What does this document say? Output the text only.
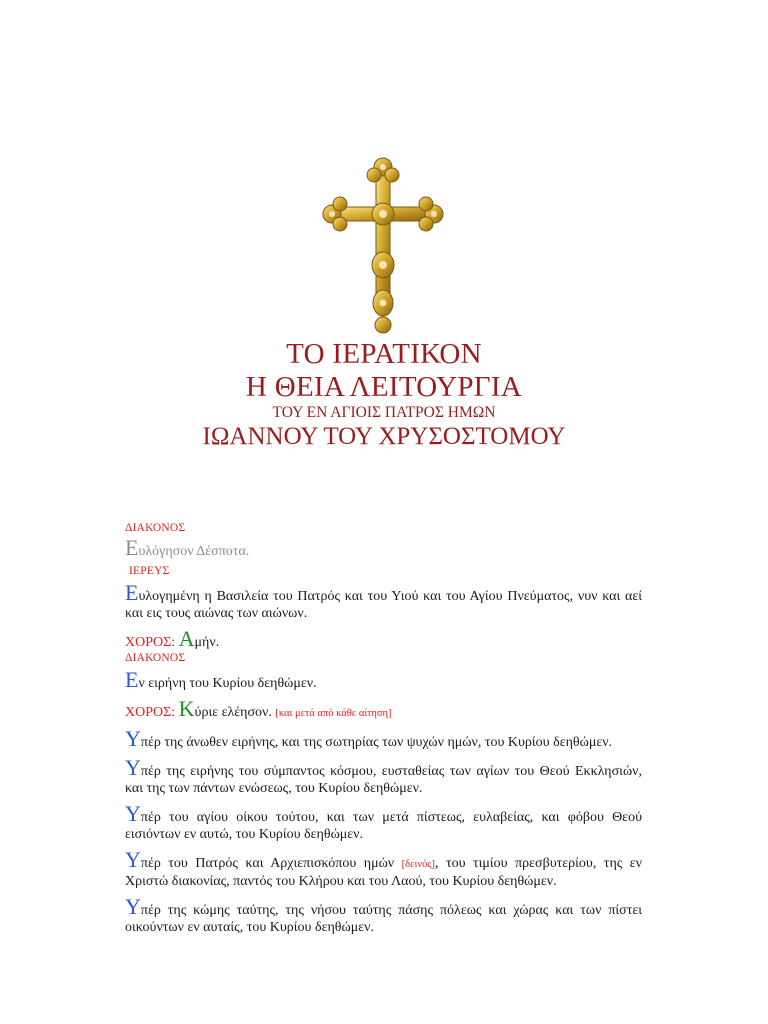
ΤΟ ΙΕΡΑΤΙΚΟΝ
Η ΘΕΙΑ ΛΕΙΤΟΥΡΓΙΑ
ΤΟΥ ΕΝ ΑΓΙΟΙΣ ΠΑΤΡΟΣ ΗΜΩΝ
ΙΩΑΝΝΟΥ ΤΟΥ ΧΡΥΣΟΣΤΟΜΟΥ
ΔΙΑΚΟΝΟΣ
Ευλόγησον Δέσποτα.
ΙΕΡΕΥΣ
Ευλογημένη η Βασιλεία του Πατρός και του Υιού και του Αγίου Πνεύματος, νυν και αεί και εις τους αιώνας των αιώνων.
ΧΟΡΟΣ: Αμήν.
ΔΙΑΚΟΝΟΣ
Εν ειρήνη του Κυρίου δεηθώμεν.
ΧΟΡΟΣ: Κύριε ελέησον. [και μετά από κάθε αίτηση]
Υπέρ της άνωθεν ειρήνης, και της σωτηρίας των ψυχών ημών, του Κυρίου δεηθώμεν.
Υπέρ της ειρήνης του σύμπαντος κόσμου, ευσταθείας των αγίων του Θεού Εκκλησιών, και της των πάντων ενώσεως, του Κυρίου δεηθώμεν.
Υπέρ του αγίου οίκου τούτου, και των μετά πίστεως, ευλαβείας, και φόβου Θεού εισιόντων εν αυτώ, του Κυρίου δεηθώμεν.
Υπέρ του Πατρός και Αρχιεπισκόπου ημών [δεινός], του τιμίου πρεσβυτερίου, της εν Χριστώ διακονίας, παντός του Κλήρου και του Λαού, του Κυρίου δεηθώμεν.
Υπέρ της κώμης ταύτης, της νήσου ταύτης πάσης πόλεως και χώρας και των πίστει οικούντων εν αυταίς, του Κυρίου δεηθώμεν.
